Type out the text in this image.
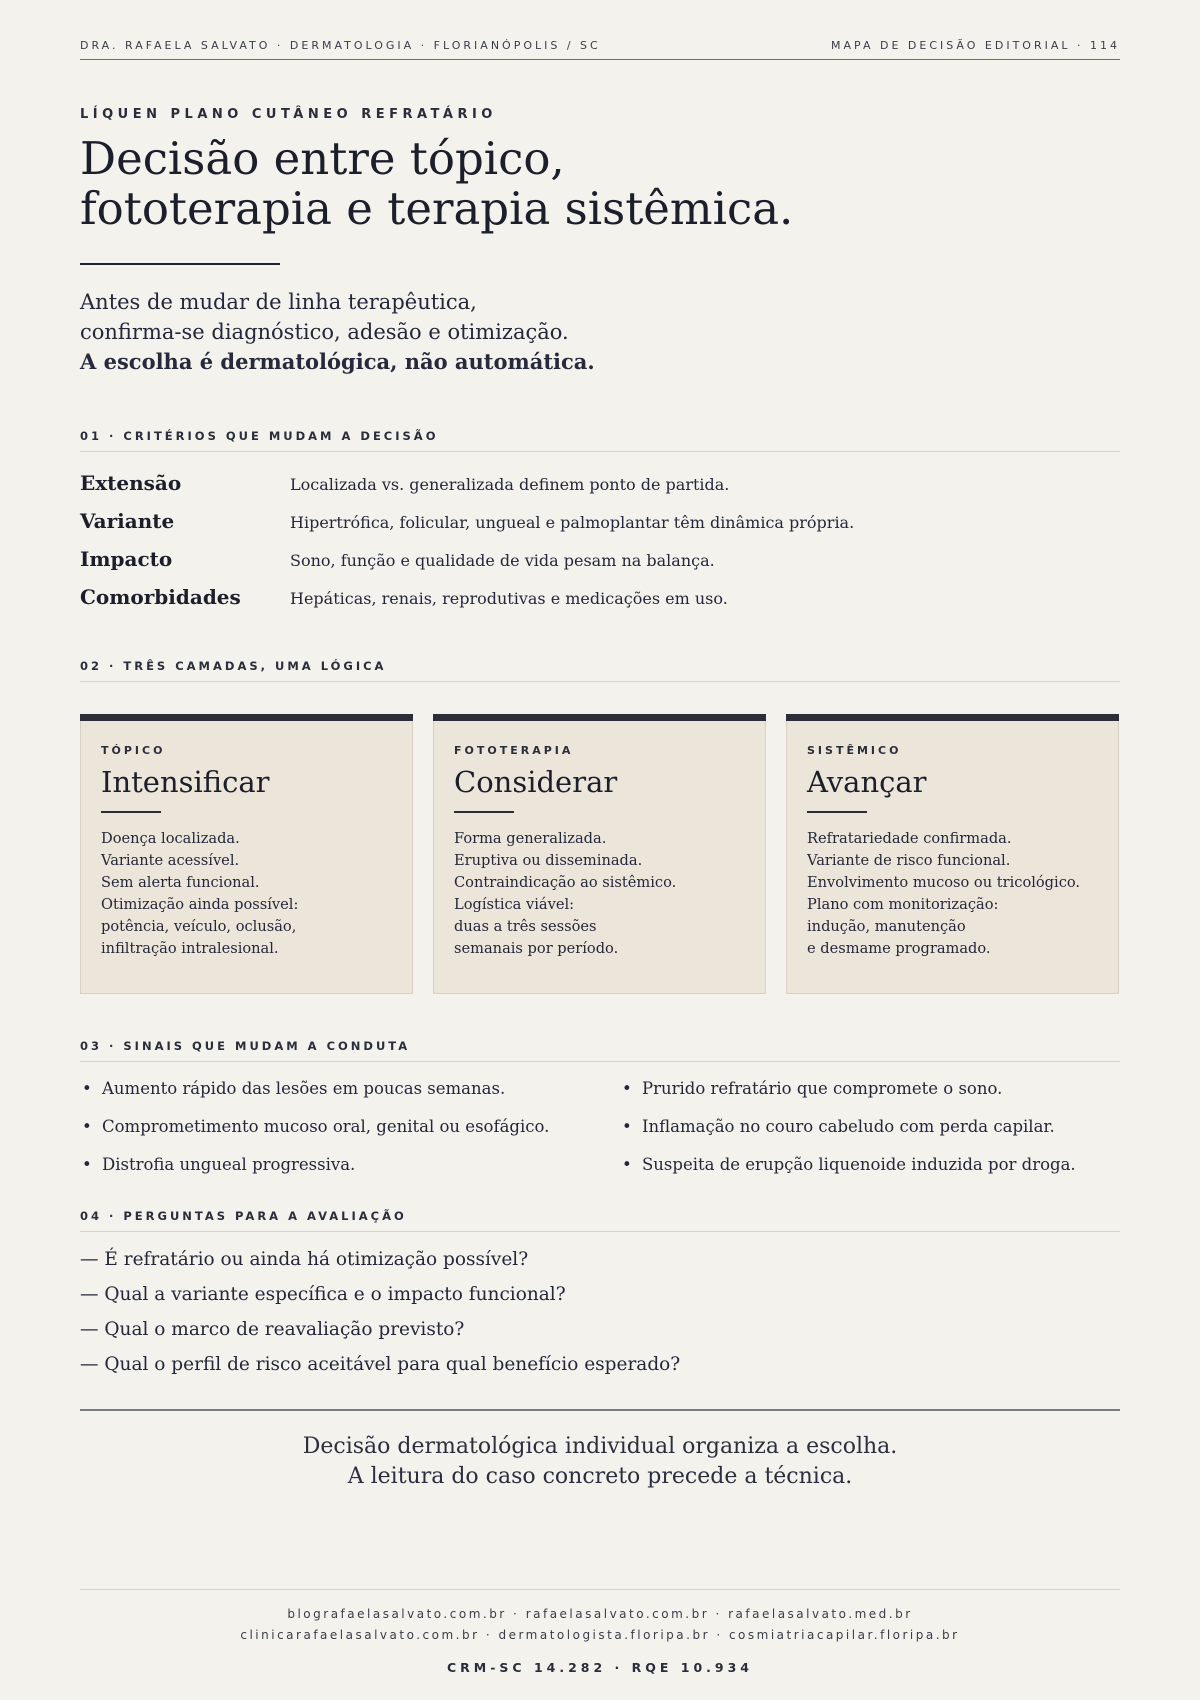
DRA. RAFAELA SALVATO · DERMATOLOGIA · FLORIANÓPOLIS / SC	MAPA DE DECISÃO EDITORIAL · 114
LÍQUEN PLANO CUTÂNEO REFRATÁRIO
Decisão entre tópico,
fototerapia e terapia sistêmica.
Antes de mudar de linha terapêutica,
confirma-se diagnóstico, adesão e otimização.
A escolha é dermatológica, não automática.
01 · CRITÉRIOS QUE MUDAM A DECISÃO
Extensão	Localizada vs. generalizada definem ponto de partida.
Variante	Hipertrófica, folicular, ungueal e palmoplantar têm dinâmica própria.
Impacto	Sono, função e qualidade de vida pesam na balança.
Comorbidades	Hepáticas, renais, reprodutivas e medicações em uso.
02 · TRÊS CAMADAS, UMA LÓGICA
TÓPICO
Intensificar
Doença localizada.
Variante acessível.
Sem alerta funcional.
Otimização ainda possível:
potência, veículo, oclusão,
infiltração intralesional.
FOTOTERAPIA
Considerar
Forma generalizada.
Eruptiva ou disseminada.
Contraindicação ao sistêmico.
Logística viável:
duas a três sessões
semanais por período.
SISTÊMICO
Avançar
Refratariedade confirmada.
Variante de risco funcional.
Envolvimento mucoso ou tricológico.
Plano com monitorização:
indução, manutenção
e desmame programado.
03 · SINAIS QUE MUDAM A CONDUTA
• Aumento rápido das lesões em poucas semanas.
• Comprometimento mucoso oral, genital ou esofágico.
• Distrofia ungueal progressiva.
• Prurido refratário que compromete o sono.
• Inflamação no couro cabeludo com perda capilar.
• Suspeita de erupção liquenoide induzida por droga.
04 · PERGUNTAS PARA A AVALIAÇÃO
— É refratário ou ainda há otimização possível?
— Qual a variante específica e o impacto funcional?
— Qual o marco de reavaliação previsto?
— Qual o perfil de risco aceitável para qual benefício esperado?
Decisão dermatológica individual organiza a escolha.
A leitura do caso concreto precede a técnica.
blografaelasalvato.com.br · rafaelasalvato.com.br · rafaelasalvato.med.br
clinicarafaelasalvato.com.br · dermatologista.floripa.br · cosmiatriacapilar.floripa.br
CRM-SC 14.282 · RQE 10.934
